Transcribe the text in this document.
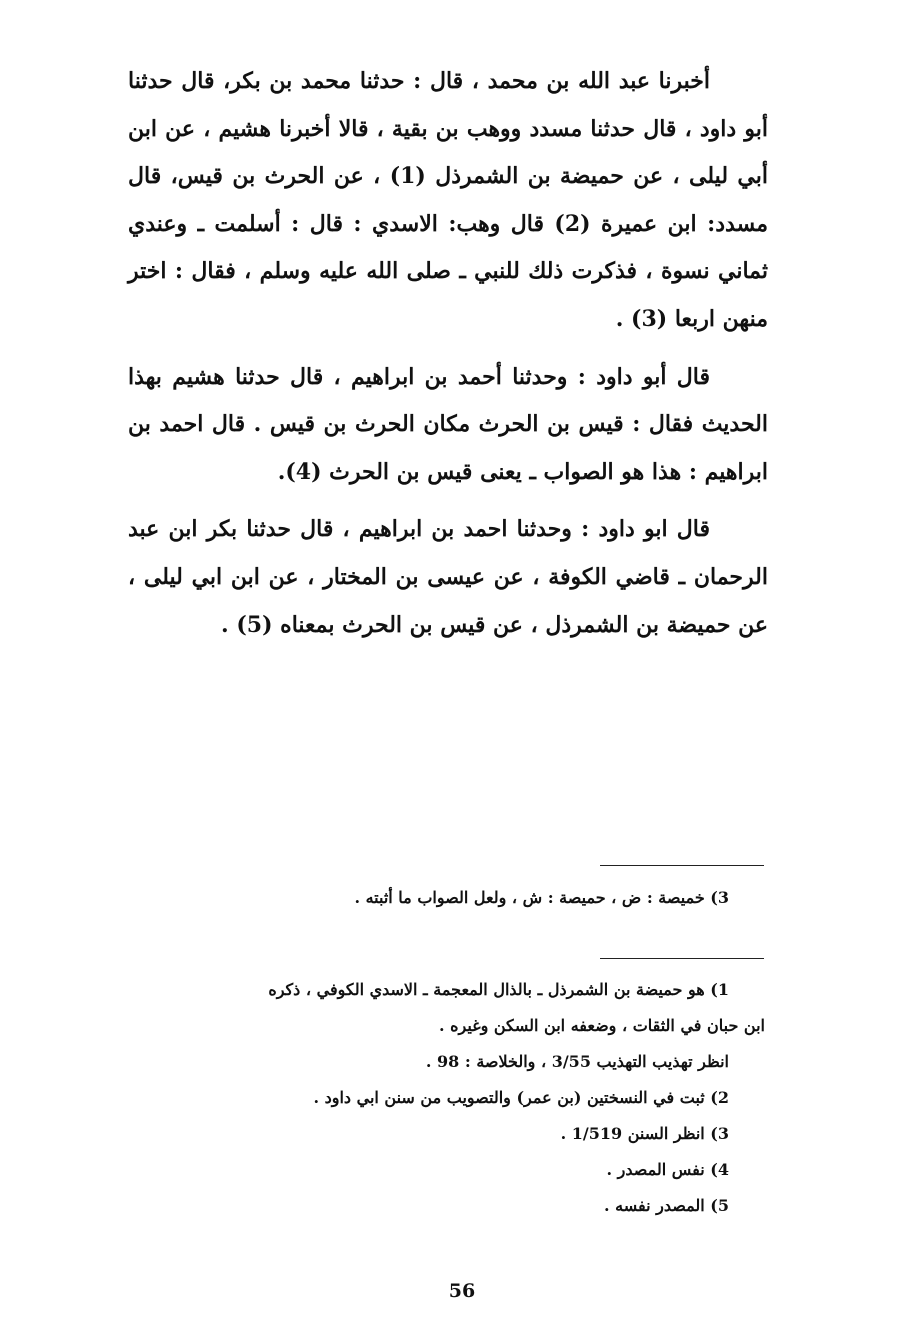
أخبرنا عبد الله بن محمد ، قال : حدثنا محمد بن بكر، قال حدثنا أبو داود ، قال حدثنا مسدد ووهب بن بقية ، قالا أخبرنا هشيم ، عن ابن أبي ليلى ، عن حميضة بن الشمرذل (1) ، عن الحرث بن قيس، قال مسدد: ابن عميرة (2) قال وهب: الاسدي : قال : أسلمت ـ وعندي ثماني نسوة ، فذكرت ذلك للنبي ـ صلى الله عليه وسلم ، فقال : اختر منهن اربعا (3) .

قال أبو داود : وحدثنا أحمد بن ابراهيم ، قال حدثنا هشيم بهذا الحديث فقال : قيس بن الحرث مكان الحرث بن قيس . قال احمد بن ابراهيم : هذا هو الصواب ـ يعنى قيس بن الحرث (4).

قال ابو داود : وحدثنا احمد بن ابراهيم ، قال حدثنا بكر ابن عبد الرحمان ـ قاضي الكوفة ، عن عيسى بن المختار ، عن ابن ابي ليلى ، عن حميضة بن الشمرذل ، عن قيس بن الحرث بمعناه (5) .

3) خميصة : ض ، حميصة : ش ، ولعل الصواب ما أثبته .
1) هو حميضة بن الشمرذل ـ بالذال المعجمة ـ الاسدي الكوفي ، ذكره
ابن حبان في الثقات ، وضعفه ابن السكن وغيره .
انظر تهذيب التهذيب 3/55 ، والخلاصة : 98 .
2) ثبت في النسختين (بن عمر) والتصويب من سنن ابي داود .
3) انظر السنن 1/519 .
4) نفس المصدر .
5) المصدر نفسه .
56
